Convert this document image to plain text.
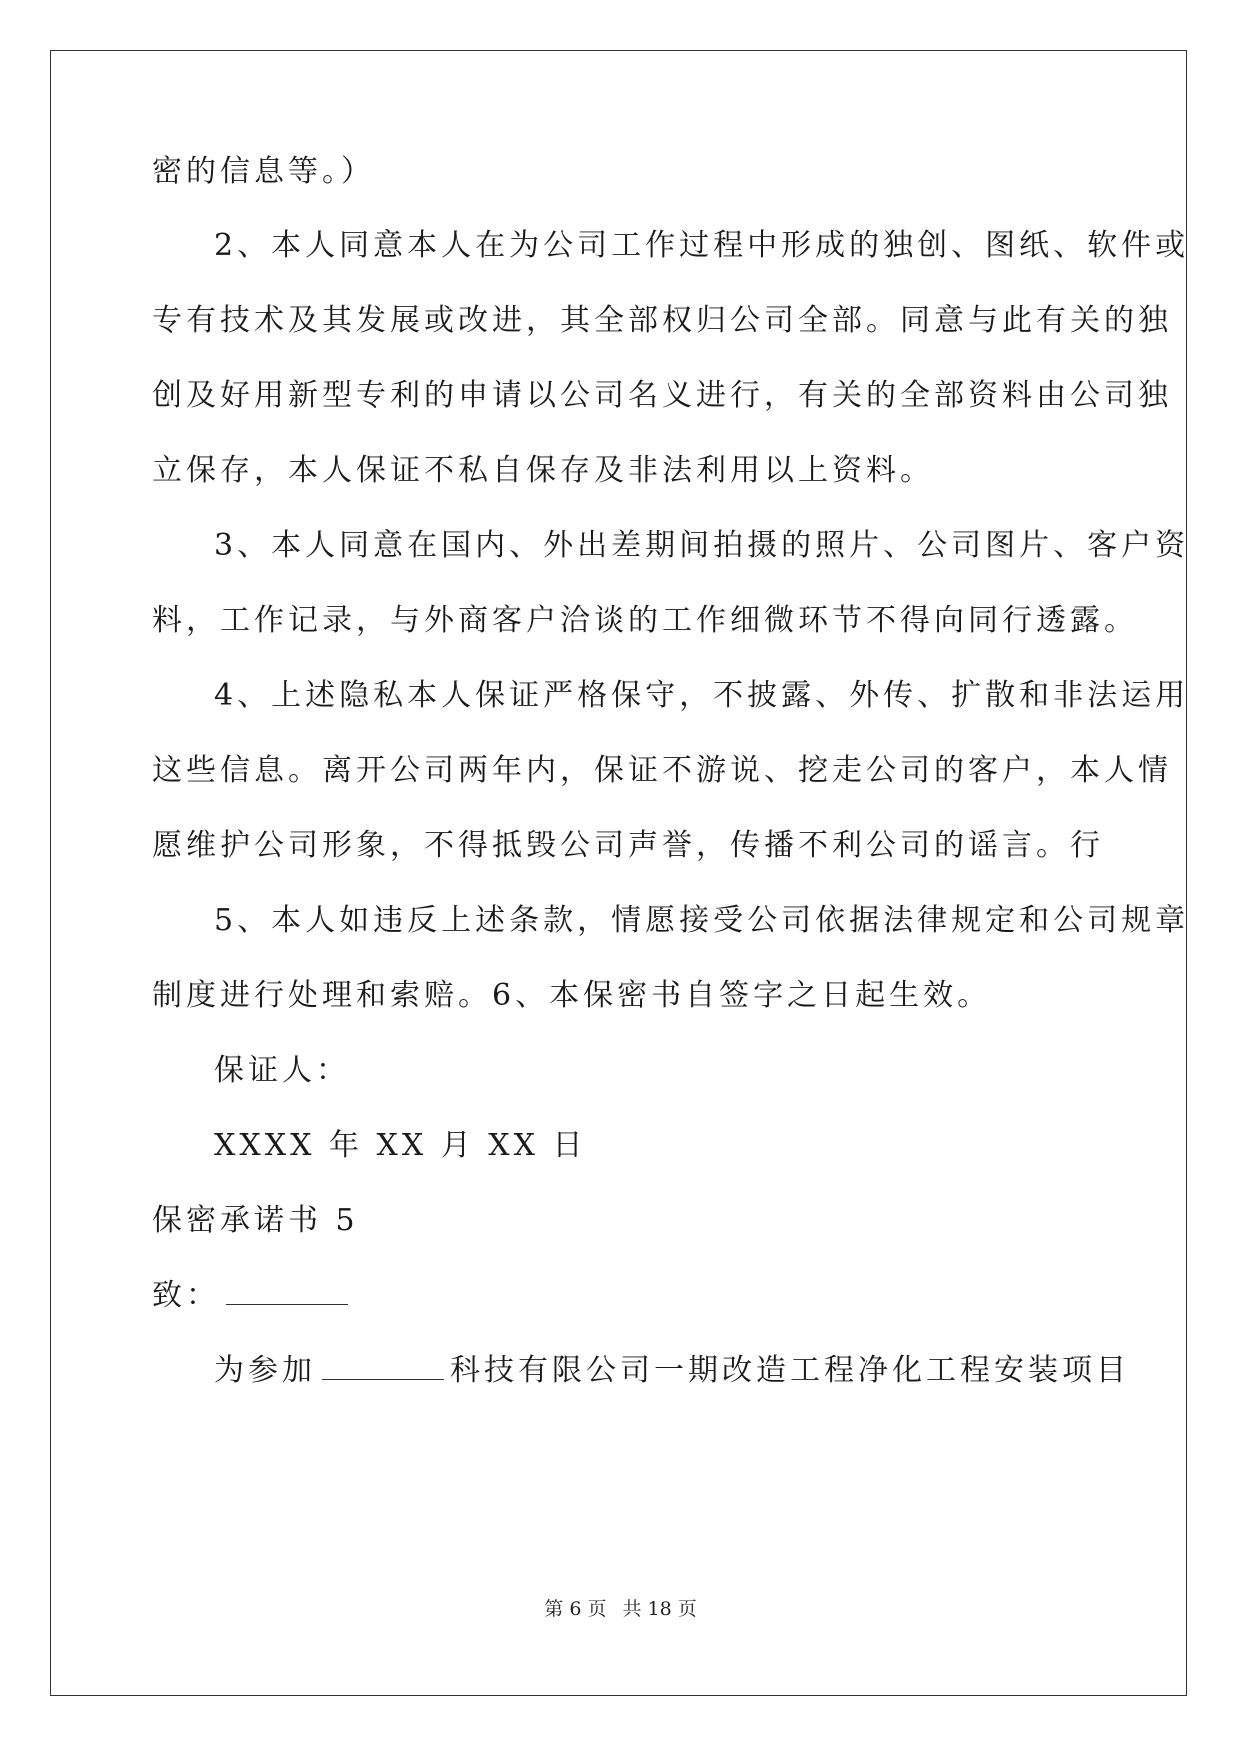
密的信息等。）
2、本人同意本人在为公司工作过程中形成的独创、图纸、软件或
专有技术及其发展或改进，其全部权归公司全部。同意与此有关的独
创及好用新型专利的申请以公司名义进行，有关的全部资料由公司独
立保存，本人保证不私自保存及非法利用以上资料。
3、本人同意在国内、外出差期间拍摄的照片、公司图片、客户资
料，工作记录，与外商客户洽谈的工作细微环节不得向同行透露。
4、上述隐私本人保证严格保守，不披露、外传、扩散和非法运用
这些信息。离开公司两年内，保证不游说、挖走公司的客户，本人情
愿维护公司形象，不得抵毁公司声誉，传播不利公司的谣言。行
5、本人如违反上述条款，情愿接受公司依据法律规定和公司规章
制度进行处理和索赔。6、本保密书自签字之日起生效。
保证人：
XXXX 年 XX 月 XX 日
保密承诺书 5
致：
为参加	科技有限公司一期改造工程净化工程安装项目
第 6 页 共 18 页
